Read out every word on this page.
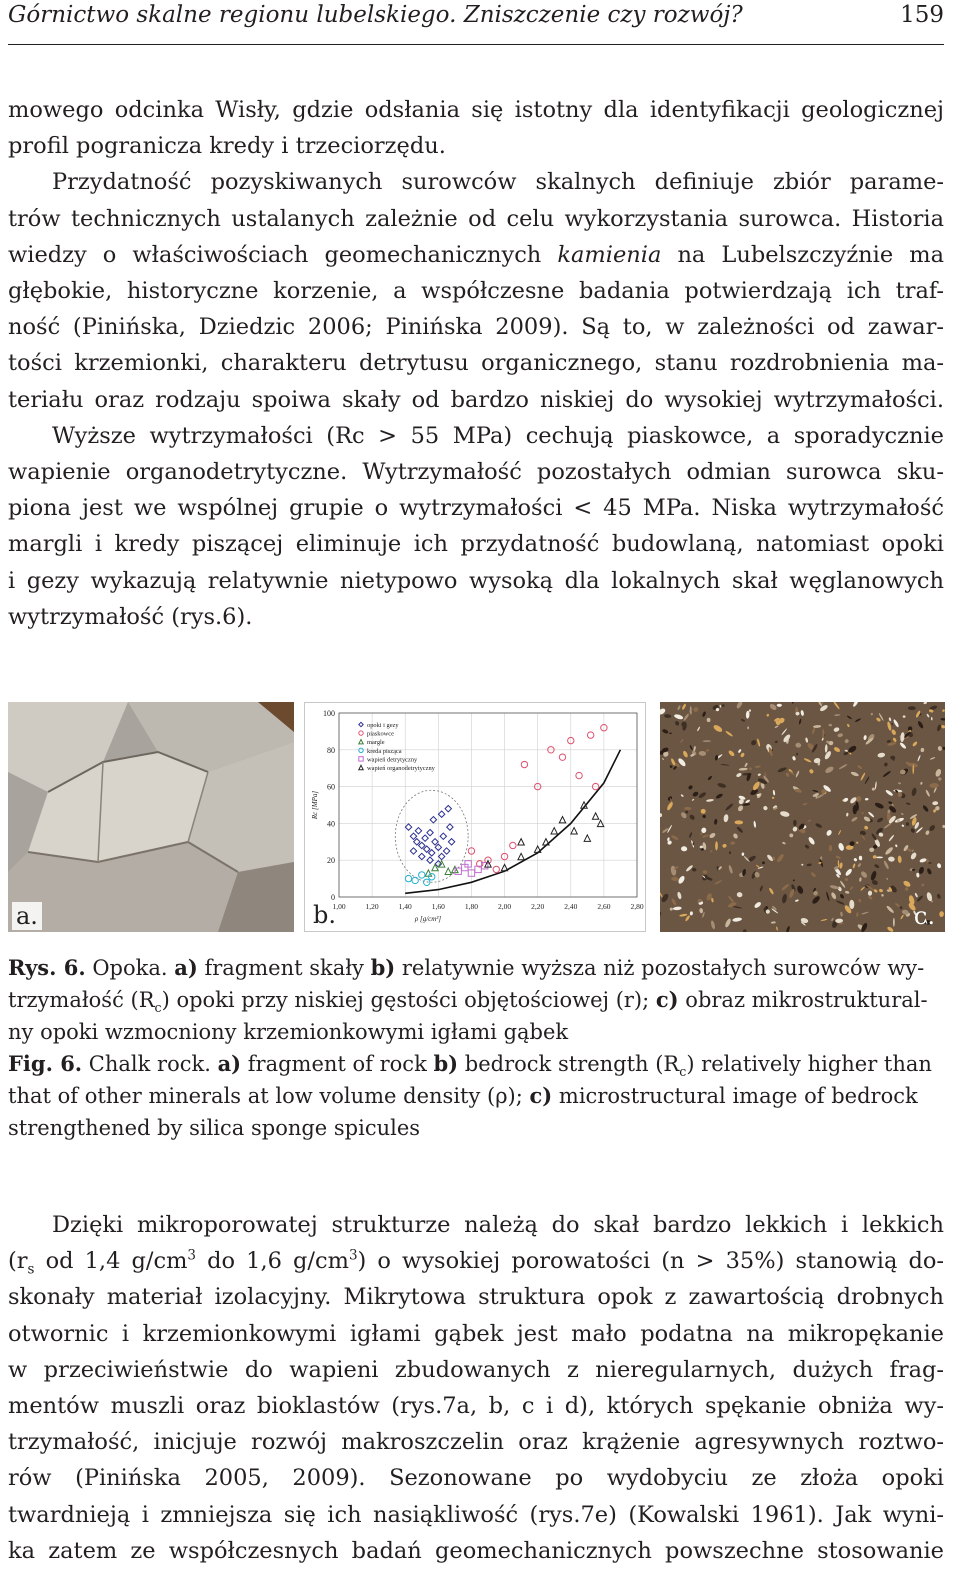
Górnictwo skalne regionu lubelskiego. Zniszczenie czy rozwój?	159
mowego odcinka Wisły, gdzie odsłania się istotny dla identyfikacji geologicznej
profil pogranicza kredy i trzeciorzędu.
Przydatność pozyskiwanych surowców skalnych definiuje zbiór parame-
trów technicznych ustalanych zależnie od celu wykorzystania surowca. Historia
wiedzy o właściwościach geomechanicznych kamienia na Lubelszczyźnie ma
głębokie, historyczne korzenie, a współczesne badania potwierdzają ich traf-
ność (Pinińska, Dziedzic 2006; Pinińska 2009). Są to, w zależności od zawar-
tości krzemionki, charakteru detrytusu organicznego, stanu rozdrobnienia ma-
teriału oraz rodzaju spoiwa skały od bardzo niskiej do wysokiej wytrzymałości.
Wyższe wytrzymałości (Rc > 55 MPa) cechują piaskowce, a sporadycznie
wapienie organodetrytyczne. Wytrzymałość pozostałych odmian surowca sku-
piona jest we wspólnej grupie o wytrzymałości < 45 MPa. Niska wytrzymałość
margli i kredy piszącej eliminuje ich przydatność budowlaną, natomiast opoki
i gezy wykazują relatywnie nietypowo wysoką dla lokalnych skał węglanowych
wytrzymałość (rys.6).
a.
0
20
40
60
80
100
1,00	1,20	1,40	1,60	1,80	2,00	2,20	2,40	2,60	2,80
ρ [g/cm³]
Rc [MPa]
opoki i gezy
piaskowce
margle
kreda pisząca
wapień detrytyczny
wapień organodetrytyczny
b.	c.
Rys. 6. Opoka. a) fragment skały b) relatywnie wyższa niż pozostałych surowców wy-
trzymałość $(R_c)$ opoki przy niskiej gęstości objętościowej (r); c) obraz mikrostruktural-
ny opoki wzmocniony krzemionkowymi igłami gąbek
Fig. 6. Chalk rock. a) fragment of rock b) bedrock strength $(R_c)$ relatively higher than
that of other minerals at low volume density (ρ); c) microstructural image of bedrock
strengthened by silica sponge spicules
Dzięki mikroporowatej strukturze należą do skał bardzo lekkich i lekkich
($r_s$ od 1,4 $g/cm^3$ do 1,6 $g/cm^3$) o wysokiej porowatości (n > 35%) stanowią do-
skonały materiał izolacyjny. Mikrytowa struktura opok z zawartością drobnych
otwornic i krzemionkowymi igłami gąbek jest mało podatna na mikropękanie
w przeciwieństwie do wapieni zbudowanych z nieregularnych, dużych frag-
mentów muszli oraz bioklastów (rys.7a, b, c i d), których spękanie obniża wy-
trzymałość, inicjuje rozwój makroszczelin oraz krążenie agresywnych roztwo-
rów (Pinińska 2005, 2009). Sezonowane po wydobyciu ze złoża opoki
twardnieją i zmniejsza się ich nasiąkliwość (rys.7e) (Kowalski 1961). Jak wyni-
ka zatem ze współczesnych badań geomechanicznych powszechne stosowanie
